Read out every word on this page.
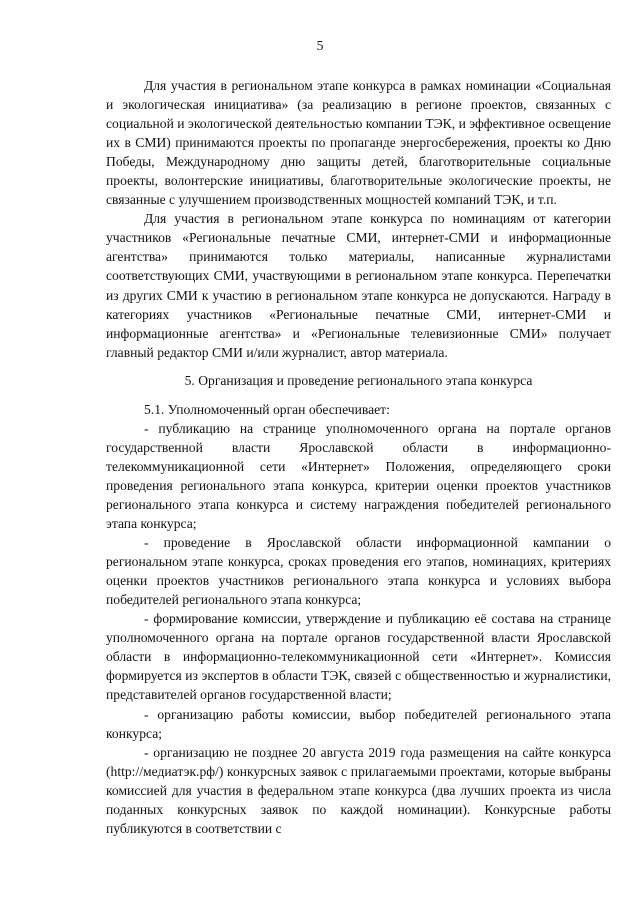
5

Для участия в региональном этапе конкурса в рамках номинации «Социальная и экологическая инициатива» (за реализацию в регионе проектов, связанных с социальной и экологической деятельностью компании ТЭК, и эффективное освещение их в СМИ) принимаются проекты по пропаганде энергосбережения, проекты ко Дню Победы, Международному дню защиты детей, благотворительные социальные проекты, волонтерские инициативы, благотворительные экологические проекты, не связанные с улучшением производственных мощностей компаний ТЭК, и т.п.

Для участия в региональном этапе конкурса по номинациям от категории участников «Региональные печатные СМИ, интернет-СМИ и информационные агентства» принимаются только материалы, написанные журналистами соответствующих СМИ, участвующими в региональном этапе конкурса. Перепечатки из других СМИ к участию в региональном этапе конкурса не допускаются. Награду в категориях участников «Региональные печатные СМИ, интернет-СМИ и информационные агентства» и «Региональные телевизионные СМИ» получает главный редактор СМИ и/или журналист, автор материала.

5. Организация и проведение регионального этапа конкурса

5.1. Уполномоченный орган обеспечивает:

- публикацию на странице уполномоченного органа на портале органов государственной власти Ярославской области в информационно-телекоммуникационной сети «Интернет» Положения, определяющего сроки проведения регионального этапа конкурса, критерии оценки проектов участников регионального этапа конкурса и систему награждения победителей регионального этапа конкурса;

- проведение в Ярославской области информационной кампании о региональном этапе конкурса, сроках проведения его этапов, номинациях, критериях оценки проектов участников регионального этапа конкурса и условиях выбора победителей регионального этапа конкурса;

- формирование комиссии, утверждение и публикацию её состава на странице уполномоченного органа на портале органов государственной власти Ярославской области в информационно-телекоммуникационной сети «Интернет». Комиссия формируется из экспертов в области ТЭК, связей с общественностью и журналистики, представителей органов государственной власти;

- организацию работы комиссии, выбор победителей регионального этапа конкурса;

- организацию не позднее 20 августа 2019 года размещения на сайте конкурса (http://медиатэк.рф/) конкурсных заявок с прилагаемыми проектами, которые выбраны комиссией для участия в федеральном этапе конкурса (два лучших проекта из числа поданных конкурсных заявок по каждой номинации). Конкурсные работы публикуются в соответствии с
